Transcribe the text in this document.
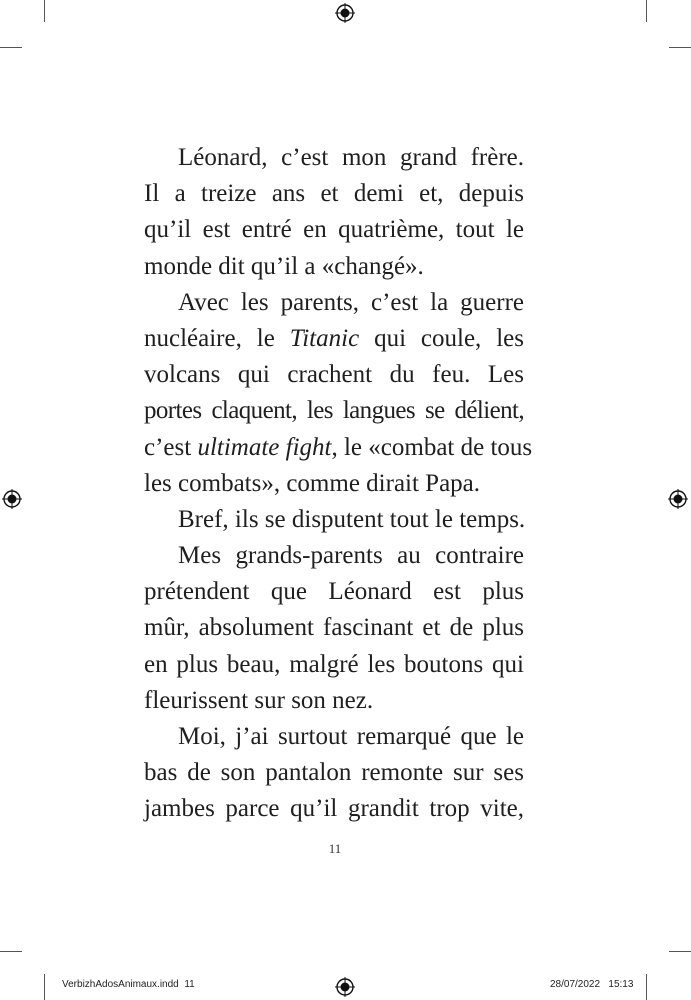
Léonard, c’est mon grand frère.
Il a treize ans et demi et, depuis
qu’il est entré en quatrième, tout le
monde dit qu’il a «changé».
Avec les parents, c’est la guerre
nucléaire, le Titanic qui coule, les
volcans qui crachent du feu. Les
portes claquent, les langues se délient,
c’est ultimate fight, le «combat de tous
les combats», comme dirait Papa.
Bref, ils se disputent tout le temps.
Mes grands-parents au contraire
prétendent que Léonard est plus
mûr, absolument fascinant et de plus
en plus beau, malgré les boutons qui
fleurissent sur son nez.
Moi, j’ai surtout remarqué que le
bas de son pantalon remonte sur ses
jambes parce qu’il grandit trop vite,
11
VerbizhAdosAnimaux.indd 11	28/07/2022 15:13
